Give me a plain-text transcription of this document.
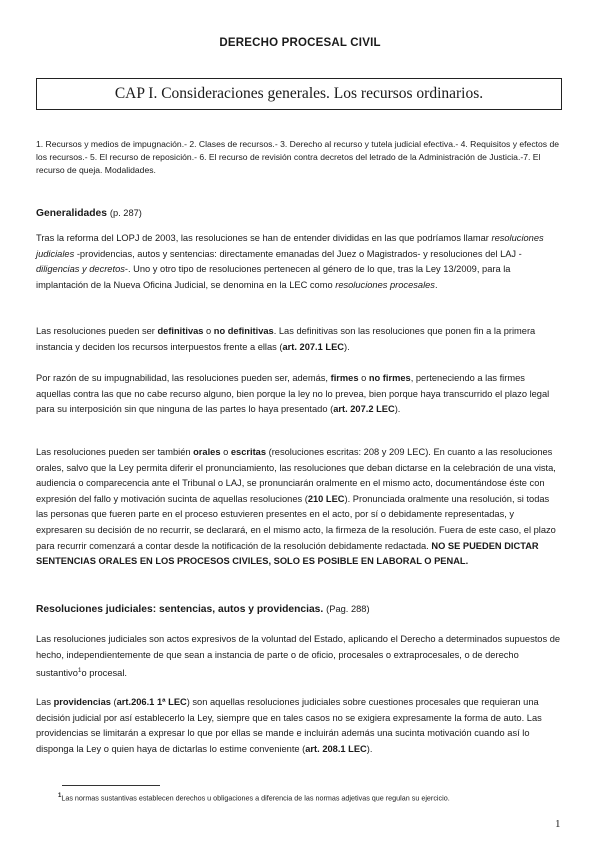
DERECHO PROCESAL CIVIL
CAP I. Consideraciones generales. Los recursos ordinarios.
1. Recursos y medios de impugnación.- 2. Clases de recursos.- 3. Derecho al recurso y tutela judicial efectiva.- 4. Requisitos y efectos de los recursos.- 5. El recurso de reposición.- 6. El recurso de revisión contra decretos del letrado de la Administración de Justicia.-7. El recurso de queja. Modalidades.
Generalidades (p. 287)
Tras la reforma del LOPJ de 2003, las resoluciones se han de entender divididas en las que podríamos llamar resoluciones judiciales -providencias, autos y sentencias: directamente emanadas del Juez o Magistrados- y resoluciones del LAJ -diligencias y decretos-. Uno y otro tipo de resoluciones pertenecen al género de lo que, tras la Ley 13/2009, para la implantación de la Nueva Oficina Judicial, se denomina en la LEC como resoluciones procesales.
Las resoluciones pueden ser definitivas o no definitivas. Las definitivas son las resoluciones que ponen fin a la primera instancia y deciden los recursos interpuestos frente a ellas (art. 207.1 LEC).
Por razón de su impugnabilidad, las resoluciones pueden ser, además, firmes o no firmes, perteneciendo a las firmes aquellas contra las que no cabe recurso alguno, bien porque la ley no lo prevea, bien porque haya transcurrido el plazo legal para su interposición sin que ninguna de las partes lo haya presentado (art. 207.2 LEC).
Las resoluciones pueden ser también orales o escritas (resoluciones escritas: 208 y 209 LEC). En cuanto a las resoluciones orales, salvo que la Ley permita diferir el pronunciamiento, las resoluciones que deban dictarse en la celebración de una vista, audiencia o comparecencia ante el Tribunal o LAJ, se pronunciarán oralmente en el mismo acto, documentándose éste con expresión del fallo y motivación sucinta de aquellas resoluciones (210 LEC). Pronunciada oralmente una resolución, si todas las personas que fueren parte en el proceso estuvieren presentes en el acto, por sí o debidamente representadas, y expresaren su decisión de no recurrir, se declarará, en el mismo acto, la firmeza de la resolución. Fuera de este caso, el plazo para recurrir comenzará a contar desde la notificación de la resolución debidamente redactada. NO SE PUEDEN DICTAR SENTENCIAS ORALES EN LOS PROCESOS CIVILES, SOLO ES POSIBLE EN LABORAL O PENAL.
Resoluciones judiciales: sentencias, autos y providencias. (Pag. 288)
Las resoluciones judiciales son actos expresivos de la voluntad del Estado, aplicando el Derecho a determinados supuestos de hecho, independientemente de que sean a instancia de parte o de oficio, procesales o extraprocesales, o de derecho sustantivo$^1$o procesal.
Las providencias (art.206.1 1ª LEC) son aquellas resoluciones judiciales sobre cuestiones procesales que requieran una decisión judicial por así establecerlo la Ley, siempre que en tales casos no se exigiera expresamente la forma de auto. Las providencias se limitarán a expresar lo que por ellas se mande e incluirán además una sucinta motivación cuando así lo disponga la Ley o quien haya de dictarlas lo estime conveniente (art. 208.1 LEC).
$^1$Las normas sustantivas establecen derechos u obligaciones a diferencia de las normas adjetivas que regulan su ejercicio.
1
